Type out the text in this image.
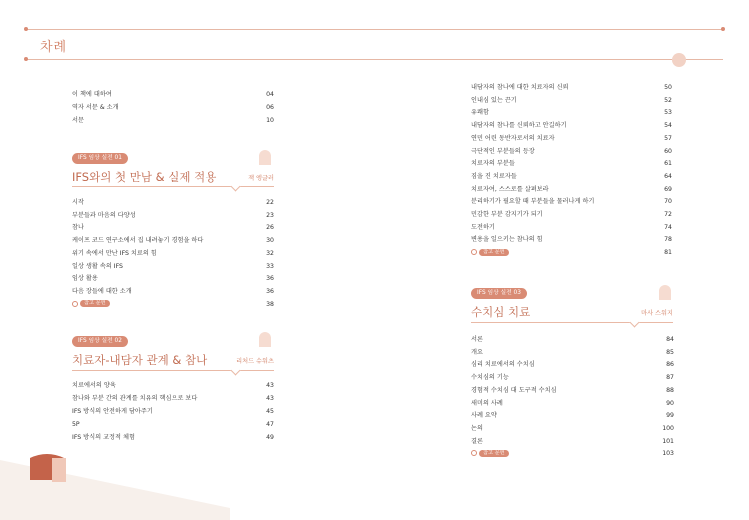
차례
이 책에 대하여	04
역자 서문 & 소개	06
서문	10
IFS 임상 실전 01
IFS와의 첫 만남 & 실제 적용	잭 엥글러
시작	22
부분들과 마음의 다양성	23
참나	26
케이프 코드 연구소에서 집 내려놓기 경험을 하다	30
위기 속에서 만난 IFS 치료의 힘	32
일상 생활 속의 IFS	33
임상 활용	36
다음 장들에 대한 소개	36
참고 문헌	38
IFS 임상 실전 02
치료자-내담자 관계 & 참나	리처드 슈워츠
치료에서의 양육	43
참나와 부분 간의 관계를 치유의 핵심으로 보다	43
IFS 방식의 안전하게 담아주기	45
5P	47
IFS 방식의 교정적 체험	49
내담자의 참나에 대한 치료자의 신뢰	50
인내심 있는 끈기	52
유쾌함	53
내담자의 참나를 신뢰하고 안길하기	54
연민 어린 동반자로서의 치료자	57
극단적인 부분들의 등장	60
치료자의 부분들	61
짐을 진 치료자들	64
치료자여, 스스로를 살펴보라	69
분리하기가 필요할 때 부분들을 물러나게 하기	70
민감한 부분 감지기가 되기	72
도전하기	74
변용을 일으키는 참나의 힘	78
참고 문헌	81
IFS 임상 실전 03
수치심 치료	마사 스워지
서론	84
개요	85
심리 치료에서의 수치심	86
수치심의 기능	87
경험적 수치심 대 도구적 수치심	88
새미의 사례	90
사례 요약	99
논의	100
결론	101
참고 문헌	103
